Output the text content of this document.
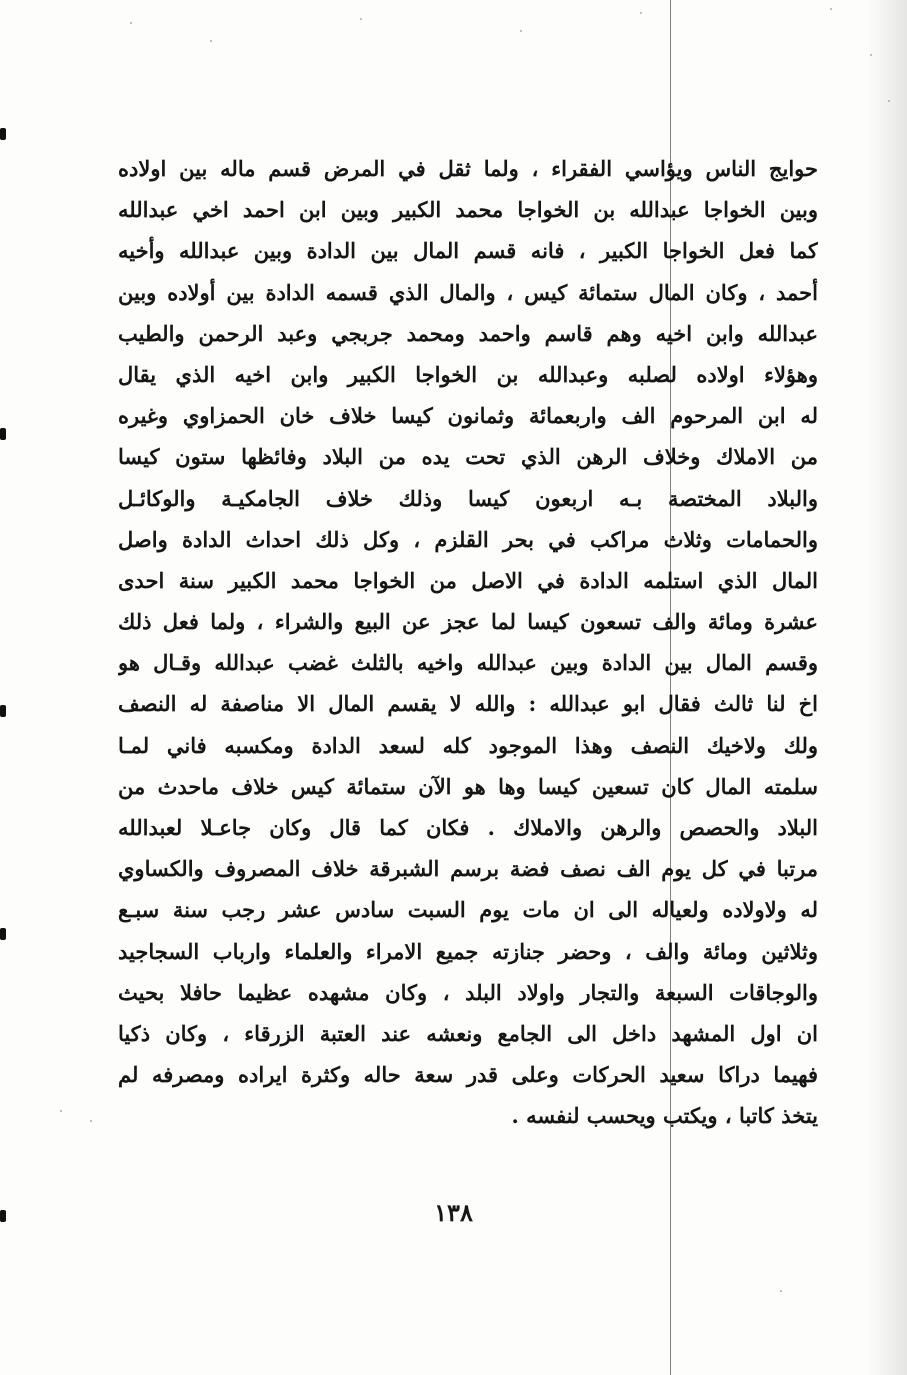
حوايج الناس ويؤاسي الفقراء ، ولما ثقل في المرض قسم ماله بين اولاده
وبين الخواجا عبدالله بن الخواجا محمد الكبير وبين ابن احمد اخي عبدالله
كما فعل الخواجا الكبير ، فانه قسم المال بين الدادة وبين عبدالله وأخيه
أحمد ، وكان المال ستمائة كيس ، والمال الذي قسمه الدادة بين أولاده وبين
عبدالله وابن اخيه وهم قاسم واحمد ومحمد جربجي وعبد الرحمن والطيب
وهؤلاء اولاده لصلبه وعبدالله بن الخواجا الكبير وابن اخيه الذي يقال
له ابن المرحوم الف واربعمائة وثمانون كيسا خلاف خان الحمزاوي وغيره
من الاملاك وخلاف الرهن الذي تحت يده من البلاد وفائظها ستون كيسا
والبلاد المختصة بـه اربعون كيسا وذلك خلاف الجامكيـة والوكائـل
والحمامات وثلاث مراكب في بحر القلزم ، وكل ذلك احداث الدادة واصل
المال الذي استلمه الدادة في الاصل من الخواجا محمد الكبير سنة احدى
عشرة ومائة والف تسعون كيسا لما عجز عن البيع والشراء ، ولما فعل ذلك
وقسم المال بين الدادة وبين عبدالله واخيه بالثلث غضب عبدالله وقـال هو
اخ لنا ثالث فقال ابو عبدالله : والله لا يقسم المال الا مناصفة له النصف
ولك ولاخيك النصف وهذا الموجود كله لسعد الدادة ومكسبه فاني لمـا
سلمته المال كان تسعين كيسا وها هو الآن ستمائة كيس خلاف ماحدث من
البلاد والحصص والرهن والاملاك . فكان كما قال وكان جاعـلا لعبدالله
مرتبا في كل يوم الف نصف فضة برسم الشبرقة خلاف المصروف والكساوي
له ولاولاده ولعياله الى ان مات يوم السبت سادس عشر رجب سنة سبـع
وثلاثين ومائة والف ، وحضر جنازته جميع الامراء والعلماء وارباب السجاجيد
والوجاقات السبعة والتجار واولاد البلد ، وكان مشهده عظيما حافلا بحيث
ان اول المشهد داخل الى الجامع ونعشه عند العتبة الزرقاء ، وكان ذكيا
فهيما دراكا سعيد الحركات وعلى قدر سعة حاله وكثرة ايراده ومصرفه لم
يتخذ كاتبا ، ويكتب ويحسب لنفسه .
١٣٨
